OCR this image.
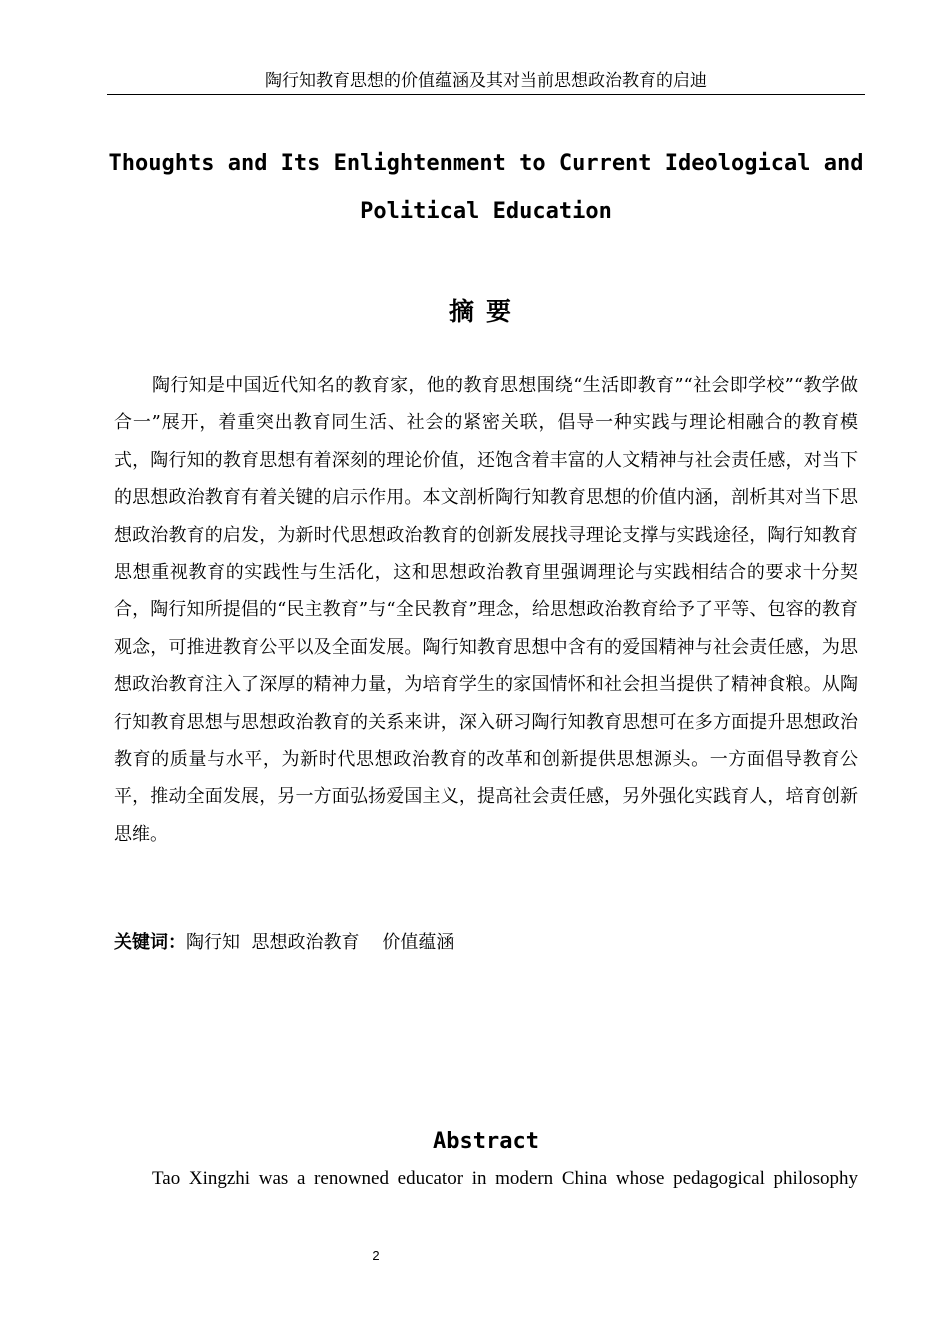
陶行知教育思想的价值蕴涵及其对当前思想政治教育的启迪
Thoughts and Its Enlightenment to Current Ideological and
Political Education
摘要

陶行知是中国近代知名的教育家，他的教育思想围绕“生活即教育”“社会即学校”“教学做合一”展开，着重突出教育同生活、社会的紧密关联，倡导一种实践与理论相融合的教育模式，陶行知的教育思想有着深刻的理论价值，还饱含着丰富的人文精神与社会责任感，对当下的思想政治教育有着关键的启示作用。本文剖析陶行知教育思想的价值内涵，剖析其对当下思想政治教育的启发，为新时代思想政治教育的创新发展找寻理论支撑与实践途径，陶行知教育思想重视教育的实践性与生活化，这和思想政治教育里强调理论与实践相结合的要求十分契合，陶行知所提倡的“民主教育”与“全民教育”理念，给思想政治教育给予了平等、包容的教育观念，可推进教育公平以及全面发展。陶行知教育思想中含有的爱国精神与社会责任感，为思想政治教育注入了深厚的精神力量，为培育学生的家国情怀和社会担当提供了精神食粮。从陶行知教育思想与思想政治教育的关系来讲，深入研习陶行知教育思想可在多方面提升思想政治教育的质量与水平，为新时代思想政治教育的改革和创新提供思想源头。一方面倡导教育公平，推动全面发展，另一方面弘扬爱国主义，提高社会责任感，另外强化实践育人，培育创新思维。

关键词：陶行知  思想政治教育    价值蕴涵
Abstract

Tao Xingzhi was a renowned educator in modern China whose pedagogical philosophy

2
